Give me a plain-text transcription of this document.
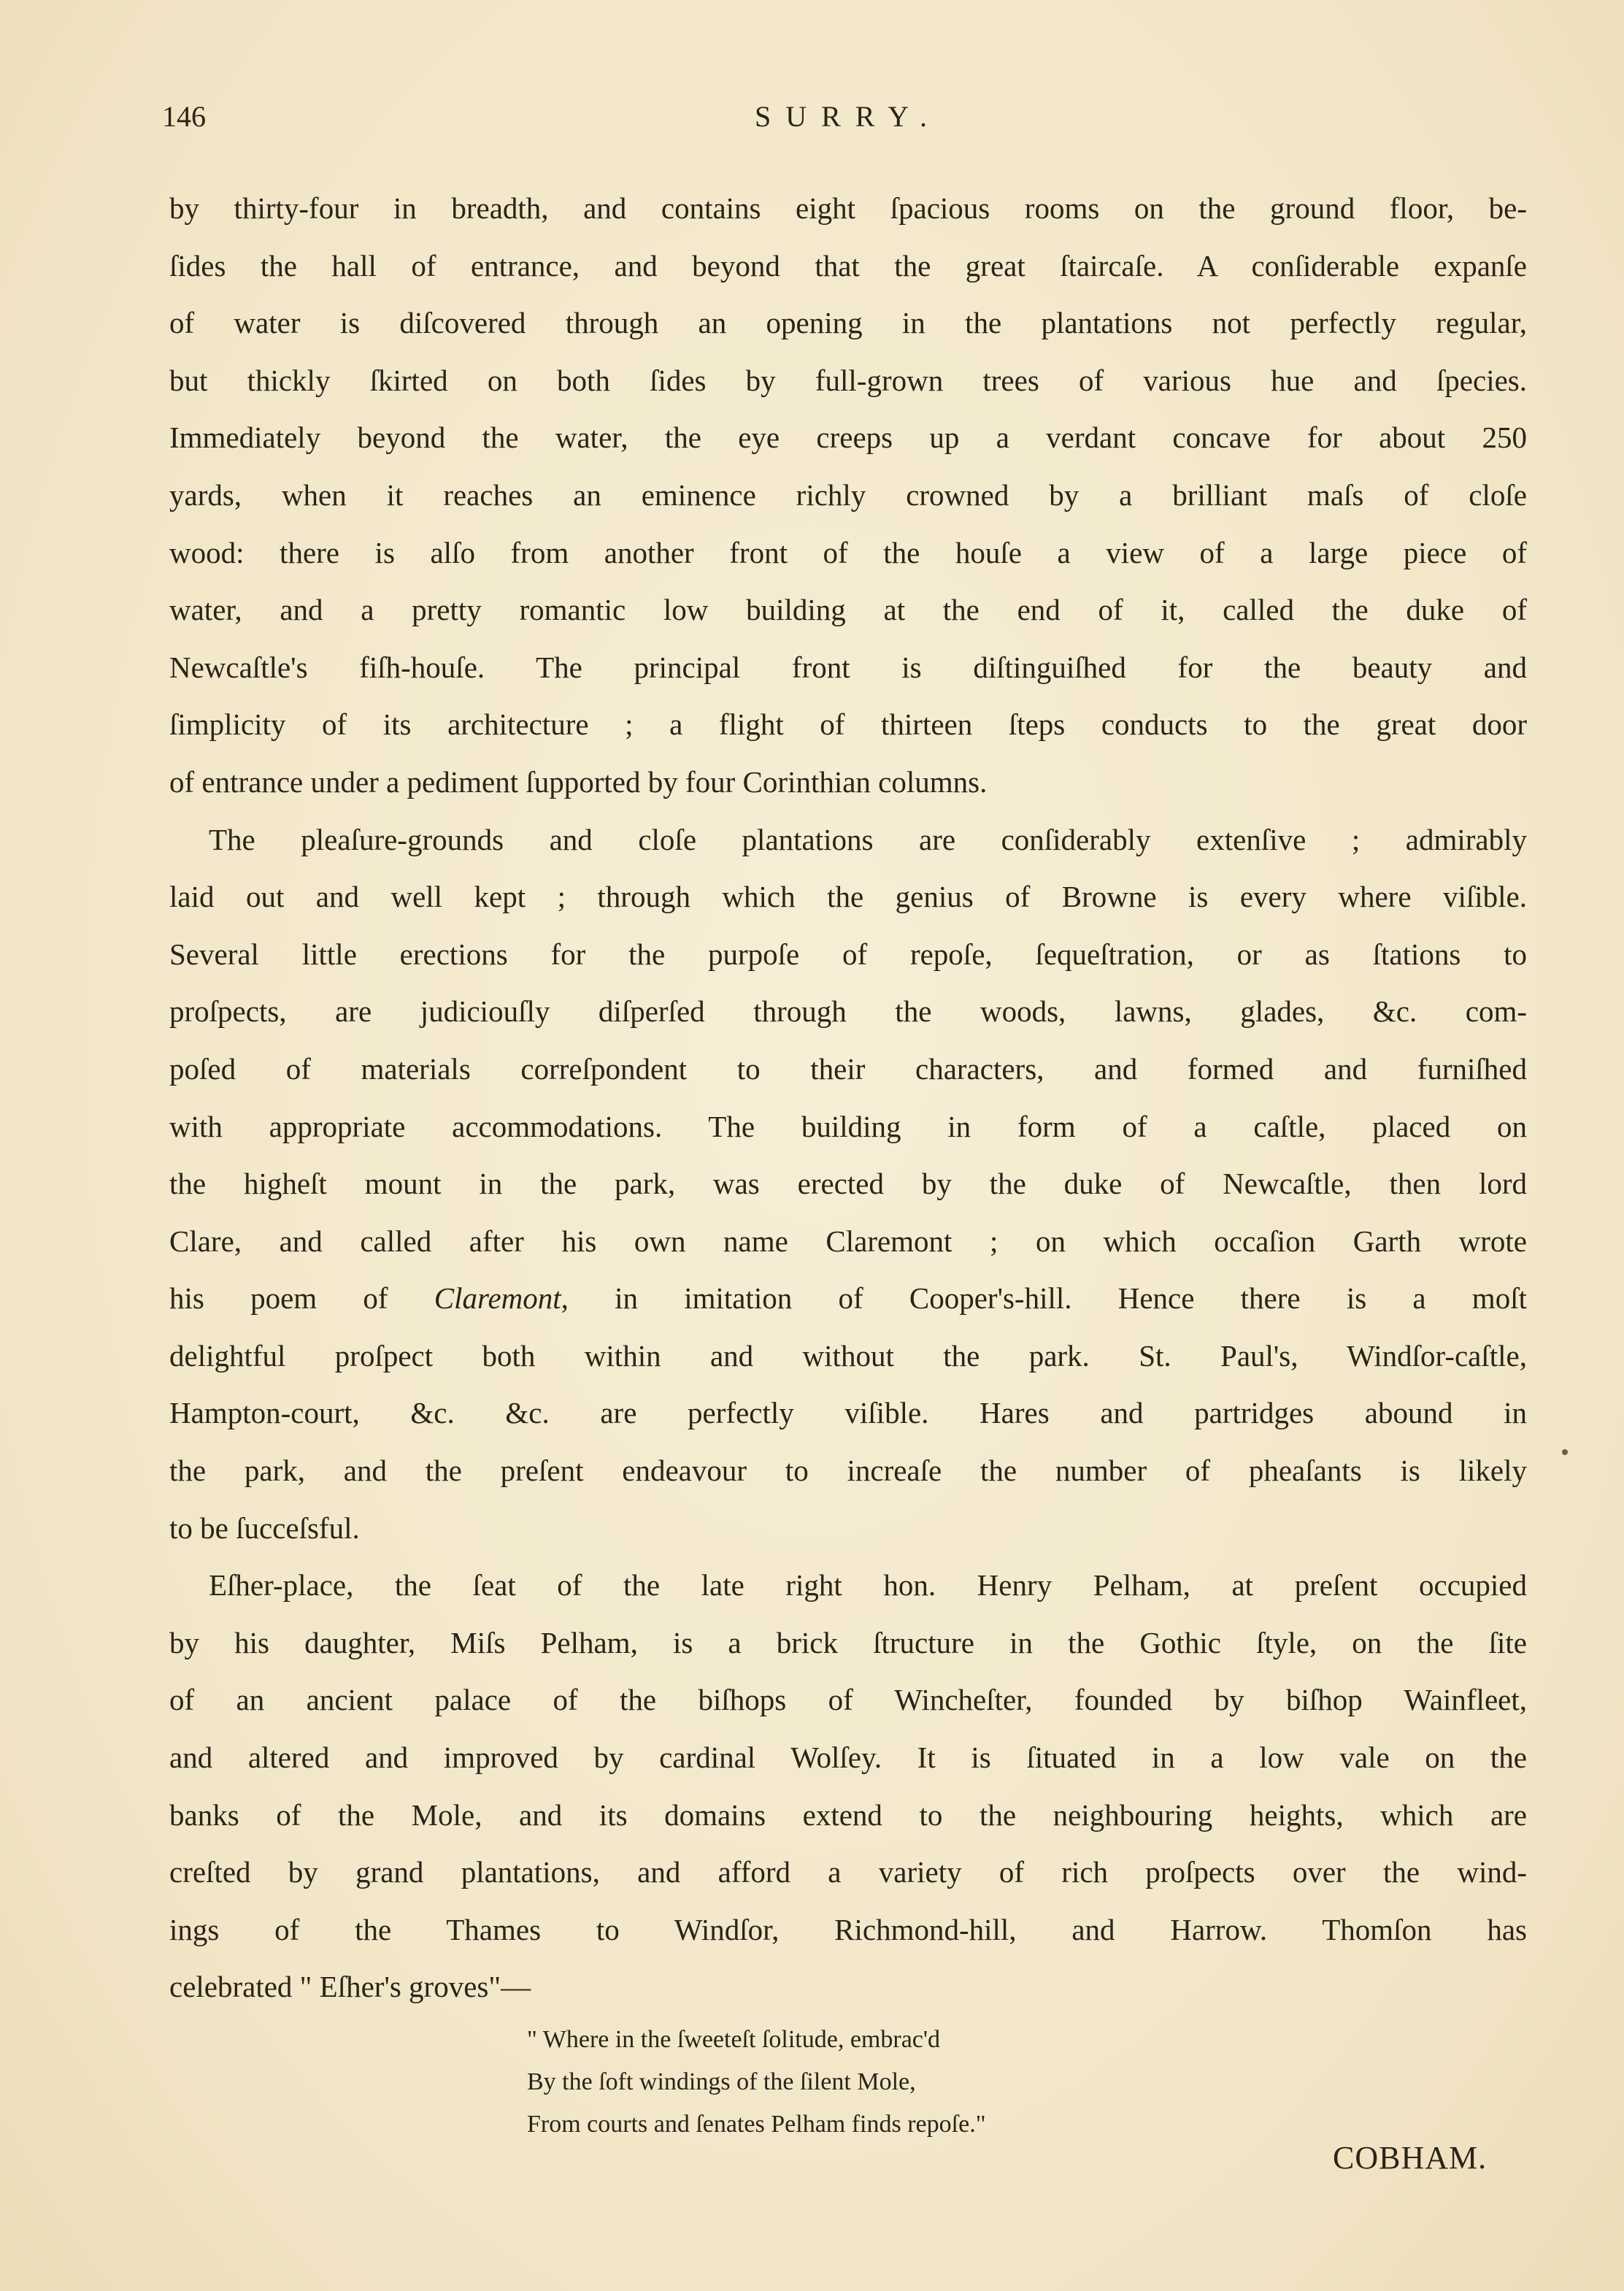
146	SURRY.

by thirty-four in breadth, and contains eight ſpacious rooms on the ground floor, be-
ſides the hall of entrance, and beyond that the great ſtaircaſe. A conſiderable expanſe
of water is diſcovered through an opening in the plantations not perfectly regular,
but thickly ſkirted on both ſides by full-grown trees of various hue and ſpecies.
Immediately beyond the water, the eye creeps up a verdant concave for about 250
yards, when it reaches an eminence richly crowned by a brilliant maſs of cloſe
wood: there is alſo from another front of the houſe a view of a large piece of
water, and a pretty romantic low building at the end of it, called the duke of
Newcaſtle's fiſh-houſe. The principal front is diſtinguiſhed for the beauty and
ſimplicity of its architecture ; a flight of thirteen ſteps conducts to the great door
of entrance under a pediment ſupported by four Corinthian columns.

The pleaſure-grounds and cloſe plantations are conſiderably extenſive ; admirably
laid out and well kept ; through which the genius of Browne is every where viſible.
Several little erections for the purpoſe of repoſe, ſequeſtration, or as ſtations to
proſpects, are judiciouſly diſperſed through the woods, lawns, glades, &c. com-
poſed of materials correſpondent to their characters, and formed and furniſhed
with appropriate accommodations. The building in form of a caſtle, placed on
the higheſt mount in the park, was erected by the duke of Newcaſtle, then lord
Clare, and called after his own name Claremont ; on which occaſion Garth wrote
his poem of Claremont, in imitation of Cooper's-hill. Hence there is a moſt
delightful proſpect both within and without the park. St. Paul's, Windſor-caſtle,
Hampton-court, &c. &c. are perfectly viſible. Hares and partridges abound in
the park, and the preſent endeavour to increaſe the number of pheaſants is likely
to be ſucceſsful.

Eſher-place, the ſeat of the late right hon. Henry Pelham, at preſent occupied
by his daughter, Miſs Pelham, is a brick ſtructure in the Gothic ſtyle, on the ſite
of an ancient palace of the biſhops of Wincheſter, founded by biſhop Wainfleet,
and altered and improved by cardinal Wolſey. It is ſituated in a low vale on the
banks of the Mole, and its domains extend to the neighbouring heights, which are
creſted by grand plantations, and afford a variety of rich proſpects over the wind-
ings of the Thames to Windſor, Richmond-hill, and Harrow. Thomſon has
celebrated " Eſher's groves"—

" Where in the ſweeteſt ſolitude, embrac'd
By the ſoft windings of the ſilent Mole,
From courts and ſenates Pelham finds repoſe."
COBHAM.
